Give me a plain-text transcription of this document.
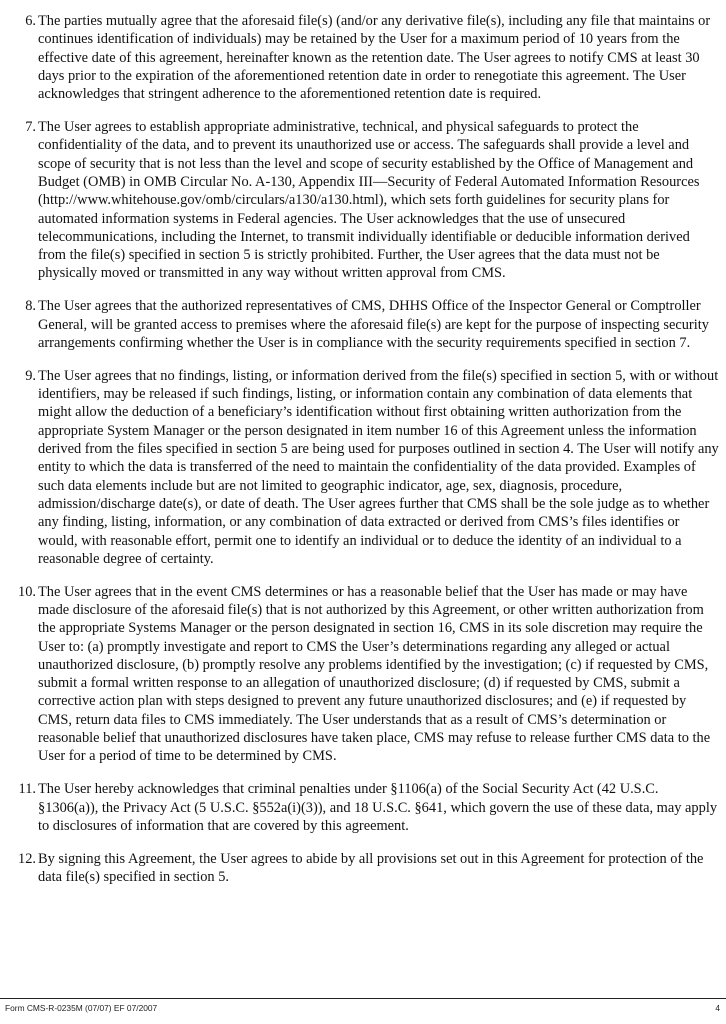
6. The parties mutually agree that the aforesaid file(s) (and/or any derivative file(s), including any file that maintains or continues identification of individuals) may be retained by the User for a maximum period of 10 years from the effective date of this agreement, hereinafter known as the retention date. The User agrees to notify CMS at least 30 days prior to the expiration of the aforementioned retention date in order to renegotiate this agreement. The User acknowledges that stringent adherence to the aforementioned retention date is required.
7. The User agrees to establish appropriate administrative, technical, and physical safeguards to protect the confidentiality of the data, and to prevent its unauthorized use or access. The safeguards shall provide a level and scope of security that is not less than the level and scope of security established by the Office of Management and Budget (OMB) in OMB Circular No. A-130, Appendix III—Security of Federal Automated Information Resources (http://www.whitehouse.gov/omb/circulars/a130/a130.html), which sets forth guidelines for security plans for automated information systems in Federal agencies. The User acknowledges that the use of unsecured telecommunications, including the Internet, to transmit individually identifiable or deducible information derived from the file(s) specified in section 5 is strictly prohibited. Further, the User agrees that the data must not be physically moved or transmitted in any way without written approval from CMS.
8. The User agrees that the authorized representatives of CMS, DHHS Office of the Inspector General or Comptroller General, will be granted access to premises where the aforesaid file(s) are kept for the purpose of inspecting security arrangements confirming whether the User is in compliance with the security requirements specified in section 7.
9. The User agrees that no findings, listing, or information derived from the file(s) specified in section 5, with or without identifiers, may be released if such findings, listing, or information contain any combination of data elements that might allow the deduction of a beneficiary’s identification without first obtaining written authorization from the appropriate System Manager or the person designated in item number 16 of this Agreement unless the information derived from the files specified in section 5 are being used for purposes outlined in section 4. The User will notify any entity to which the data is transferred of the need to maintain the confidentiality of the data provided. Examples of such data elements include but are not limited to geographic indicator, age, sex, diagnosis, procedure, admission/discharge date(s), or date of death. The User agrees further that CMS shall be the sole judge as to whether any finding, listing, information, or any combination of data extracted or derived from CMS’s files identifies or would, with reasonable effort, permit one to identify an individual or to deduce the identity of an individual to a reasonable degree of certainty.
10. The User agrees that in the event CMS determines or has a reasonable belief that the User has made or may have made disclosure of the aforesaid file(s) that is not authorized by this Agreement, or other written authorization from the appropriate Systems Manager or the person designated in section 16, CMS in its sole discretion may require the User to: (a) promptly investigate and report to CMS the User’s determinations regarding any alleged or actual unauthorized disclosure, (b) promptly resolve any problems identified by the investigation; (c) if requested by CMS, submit a formal written response to an allegation of unauthorized disclosure; (d) if requested by CMS, submit a corrective action plan with steps designed to prevent any future unauthorized disclosures; and (e) if requested by CMS, return data files to CMS immediately. The User understands that as a result of CMS’s determination or reasonable belief that unauthorized disclosures have taken place, CMS may refuse to release further CMS data to the User for a period of time to be determined by CMS.
11. The User hereby acknowledges that criminal penalties under §1106(a) of the Social Security Act (42 U.S.C. §1306(a)), the Privacy Act (5 U.S.C. §552a(i)(3)), and 18 U.S.C. §641, which govern the use of these data, may apply to disclosures of information that are covered by this agreement.
12. By signing this Agreement, the User agrees to abide by all provisions set out in this Agreement for protection of the data file(s) specified in section 5.
Form CMS-R-0235M (07/07) EF 07/2007	4
